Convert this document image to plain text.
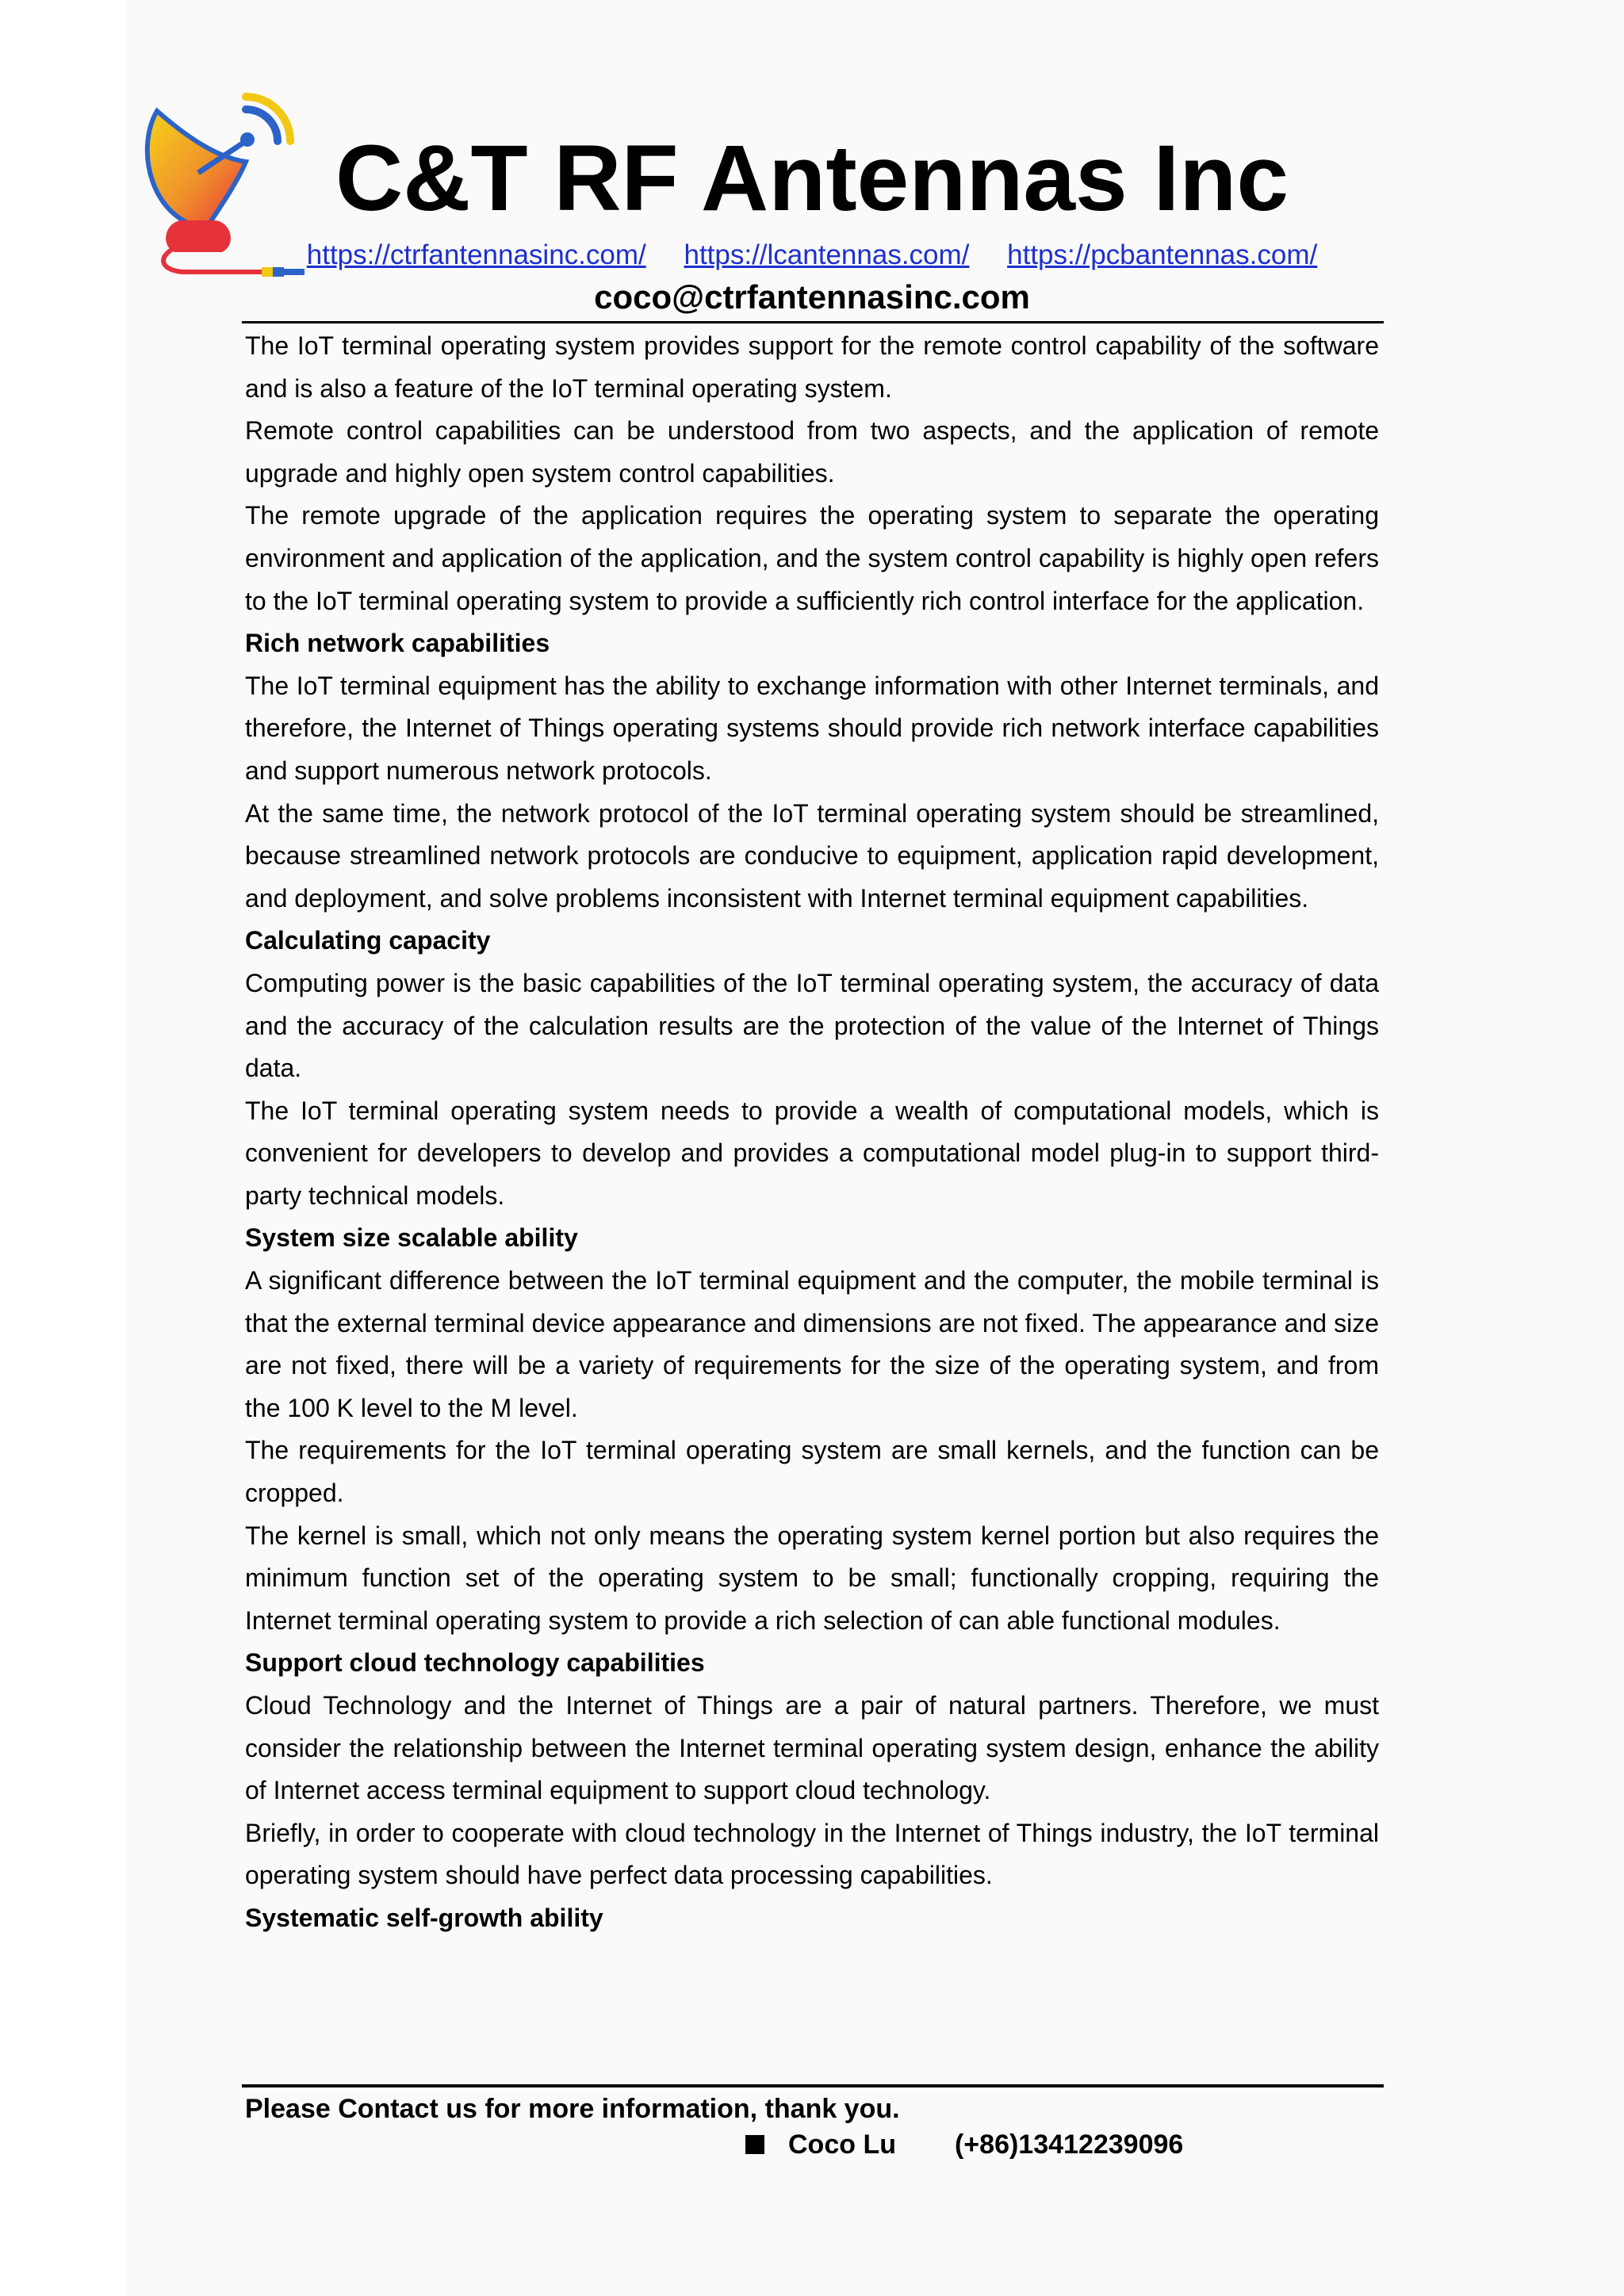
C&T RF Antennas Inc
https://ctrfantennasinc.com/ https://lcantennas.com/ https://pcbantennas.com/
coco@ctrfantennasinc.com

The IoT terminal operating system provides support for the remote control capability of the software and is also a feature of the IoT terminal operating system.

Remote control capabilities can be understood from two aspects, and the application of remote upgrade and highly open system control capabilities.

The remote upgrade of the application requires the operating system to separate the operating environment and application of the application, and the system control capability is highly open refers to the IoT terminal operating system to provide a sufficiently rich control interface for the application.

Rich network capabilities

The IoT terminal equipment has the ability to exchange information with other Internet terminals, and therefore, the Internet of Things operating systems should provide rich network interface capabilities and support numerous network protocols.

At the same time, the network protocol of the IoT terminal operating system should be streamlined, because streamlined network protocols are conducive to equipment, application rapid development, and deployment, and solve problems inconsistent with Internet terminal equipment capabilities.

Calculating capacity

Computing power is the basic capabilities of the IoT terminal operating system, the accuracy of data and the accuracy of the calculation results are the protection of the value of the Internet of Things data.

The IoT terminal operating system needs to provide a wealth of computational models, which is convenient for developers to develop and provides a computational model plug-in to support third-party technical models.

System size scalable ability

A significant difference between the IoT terminal equipment and the computer, the mobile terminal is that the external terminal device appearance and dimensions are not fixed. The appearance and size are not fixed, there will be a variety of requirements for the size of the operating system, and from the 100 K level to the M level.

The requirements for the IoT terminal operating system are small kernels, and the function can be cropped.

The kernel is small, which not only means the operating system kernel portion but also requires the minimum function set of the operating system to be small; functionally cropping, requiring the Internet terminal operating system to provide a rich selection of can able functional modules.

Support cloud technology capabilities

Cloud Technology and the Internet of Things are a pair of natural partners. Therefore, we must consider the relationship between the Internet terminal operating system design, enhance the ability of Internet access terminal equipment to support cloud technology.

Briefly, in order to cooperate with cloud technology in the Internet of Things industry, the IoT terminal operating system should have perfect data processing capabilities.

Systematic self-growth ability
Please Contact us for more information, thank you.
Coco Lu (+86)13412239096
